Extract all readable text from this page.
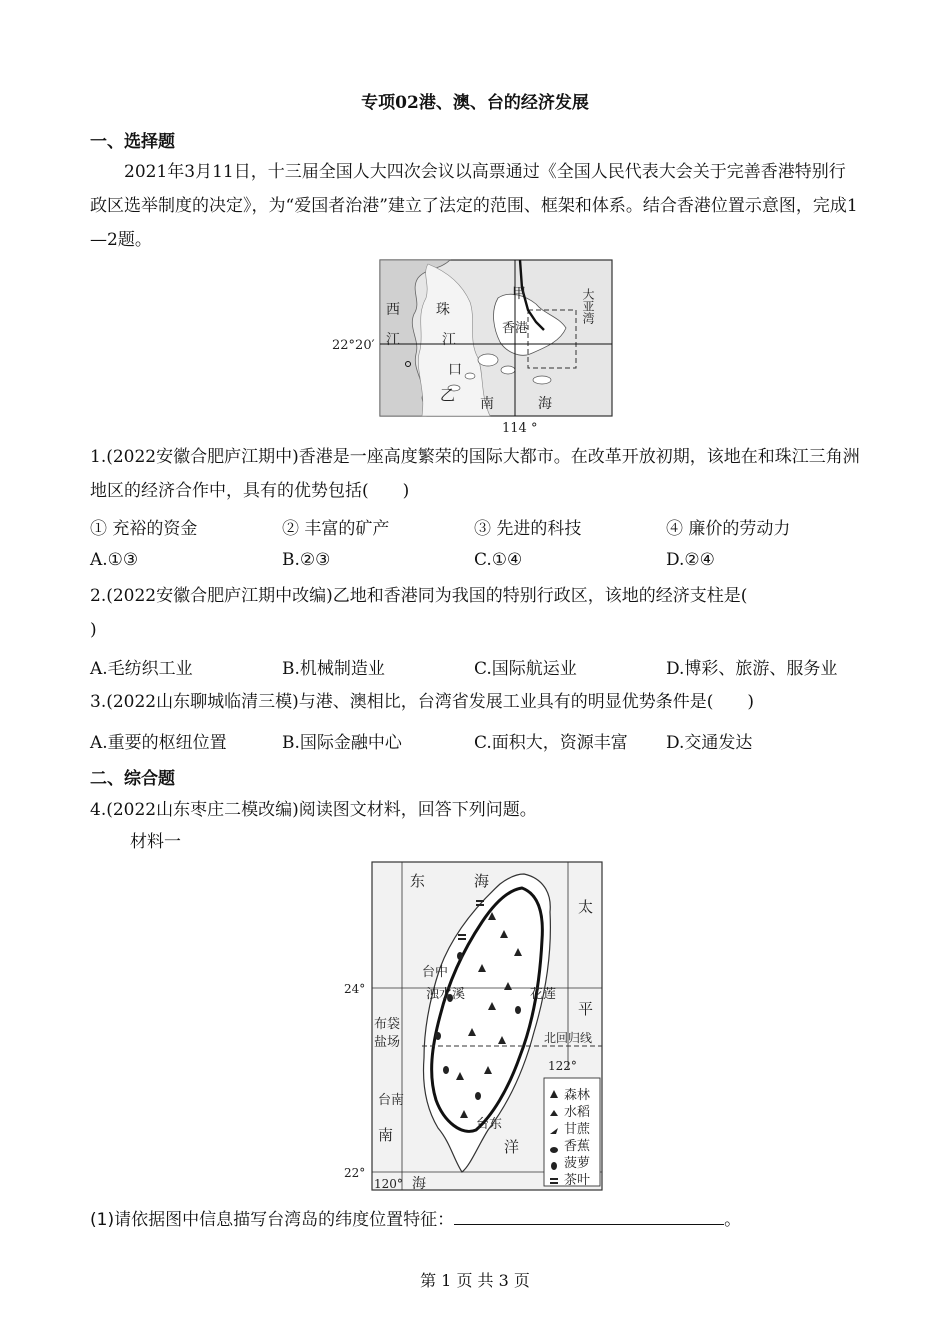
专项02港、澳、台的经济发展
一、选择题
2021年3月11日，十三届全国人大四次会议以高票通过《全国人民代表大会关于完善香港特别行政区选举制度的决定》，为“爱国者治港”建立了法定的范围、框架和体系。结合香港位置示意图，完成1—2题。
22°20′
114 °
西
江
珠
江
口
甲
香港
乙 南	海
大亚湾
1.(2022安徽合肥庐江期中)香港是一座高度繁荣的国际大都市。在改革开放初期，该地在和珠江三角洲地区的经济合作中，具有的优势包括(　　)
① 充裕的资金	② 丰富的矿产	③ 先进的科技	④ 廉价的劳动力
A.①③	B.②③	C.①④	D.②④
2.(2022安徽合肥庐江期中改编)乙地和香港同为我国的特别行政区，该地的经济支柱是(
)
A.毛纺织工业	B.机械制造业	C.国际航运业	D.博彩、旅游、服务业
3.(2022山东聊城临清三模)与港、澳相比，台湾省发展工业具有的明显优势条件是(　　)
A.重要的枢纽位置	B.国际金融中心	C.面积大，资源丰富 D.交通发达
二、综合题
4.(2022山东枣庄二模改编)阅读图文材料，回答下列问题。
材料一
森林
水稻
甘蔗
香蕉
菠萝
茶叶
东	海
太
平
洋
南
海
台中
浊水溪	花莲
布袋
盐场
台南
台东
北回归线
24°
22°
120°
122°
(1)请依据图中信息描写台湾岛的纬度位置特征：	。
第 1 页 共 3 页
